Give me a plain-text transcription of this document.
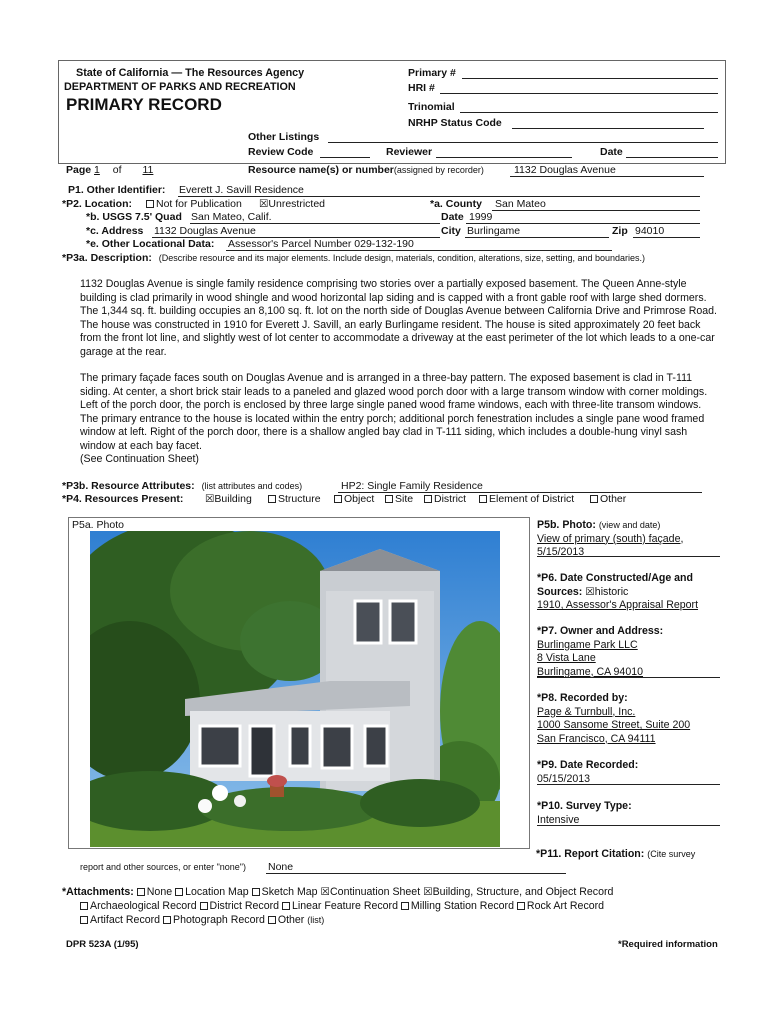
State of California — The Resources Agency
DEPARTMENT OF PARKS AND RECREATION
PRIMARY RECORD
Primary #
HRI #
Trinomial
NRHP Status Code
Other Listings
Review Code	Reviewer	Date
Page 1 of 11	Resource name(s) or number(assigned by recorder)	1132 Douglas Avenue
P1. Other Identifier: Everett J. Savill Residence
*P2. Location:	Not for Publication ☒Unrestricted	*a. County San Mateo
*b. USGS 7.5' Quad San Mateo, Calif.	Date 1999
*c. Address 1132 Douglas Avenue	City Burlingame	Zip 94010
*e. Other Locational Data: Assessor's Parcel Number 029-132-190
*P3a. Description: (Describe resource and its major elements. Include design, materials, condition, alterations, size, setting, and boundaries.)
1132 Douglas Avenue is single family residence comprising two stories over a partially exposed basement. The Queen Anne-style building is clad primarily in wood shingle and wood horizontal lap siding and is capped with a front gable roof with large shed dormers. The 1,344 sq. ft. building occupies an 8,100 sq. ft. lot on the north side of Douglas Avenue between California Drive and Primrose Road. The house was constructed in 1910 for Everett J. Savill, an early Burlingame resident. The house is sited approximately 20 feet back from the front lot line, and slightly west of lot center to accommodate a driveway at the east perimeter of the lot which leads to a one-car garage at the rear.
The primary façade faces south on Douglas Avenue and is arranged in a three-bay pattern. The exposed basement is clad in T-111 siding. At center, a short brick stair leads to a paneled and glazed wood porch door with a large transom window with corner moldings. Left of the porch door, the porch is enclosed by three large single paned wood frame windows, each with three-lite transom windows. The primary entrance to the house is located within the entry porch; additional porch fenestration includes a single pane wood framed window at left. Right of the porch door, there is a shallow angled bay clad in T-111 siding, which includes a double-hung vinyl sash window at each bay facet.
(See Continuation Sheet)
*P3b. Resource Attributes: (list attributes and codes)	HP2: Single Family Residence
*P4. Resources Present: ☒Building	Structure	Object	Site	District	Element of District	Other
P5a. Photo	P5b. Photo: (view and date)
View of primary (south) façade,
5/15/2013
*P6. Date Constructed/Age and Sources: ☒historic
1910, Assessor's Appraisal Report
*P7. Owner and Address:
Burlingame Park LLC
8 Vista Lane
Burlingame, CA 94010
*P8. Recorded by:
Page & Turnbull, Inc.
1000 Sansome Street, Suite 200
San Francisco, CA 94111
*P9. Date Recorded:
05/15/2013
*P10. Survey Type:
Intensive
*P11. Report Citation: (Cite survey
report and other sources, or enter "none") None
*Attachments: None Location Map Sketch Map ☒Continuation Sheet ☒Building, Structure, and Object Record
Archaeological Record District Record Linear Feature Record Milling Station Record Rock Art Record
Artifact Record Photograph Record Other (list)
DPR 523A (1/95)	*Required information
